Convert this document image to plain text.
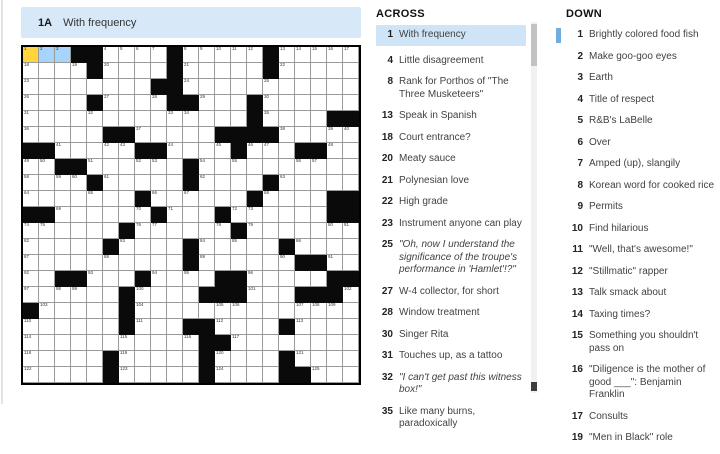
1A With frequency
1 2 3	4 5 6 7	8 9 10 11 12	13 14 15 16 17
18	19	20	21	22
23	24	25
26	27	28	29	30
31	32	33 34	35
36	37	38	39 40
41	42 43	44	45	46 47	48
49 50	51	52 53	54	55	56 57
58	59 60	61	62	63
64	65	66	67	68
69	70	71	72 73
74 75	76 77	78	79	80 81
82	83	84	85	86
87	88	89	90	91
92	93	94	95	96
97	98 99	100	101	102
103	104	105 106	107 108 109
110	111	112	113
114	115	116	117
118	119	120	121
122	123	124	125
ACROSS
1 With frequency
4 Little disagreement
8 Rank for Porthos of "The Three Musketeers"
13 Speak in Spanish
18 Court entrance?
20 Meaty sauce
21 Polynesian love
22 High grade
23 Instrument anyone can play
25 "Oh, now I understand the significance of the troupe's performance in 'Hamlet'!?"
27 W-4 collector, for short
28 Window treatment
30 Singer Rita
31 Touches up, as a tattoo
32 "I can't get past this witness box!"
35 Like many burns, paradoxically
DOWN
1 Brightly colored food fish
2 Make goo-goo eyes
3 Earth
4 Title of respect
5 R&B's LaBelle
6 Over
7 Amped (up), slangily
8 Korean word for cooked rice
9 Permits
10 Find hilarious
11 "Well, that's awesome!"
12 "Stillmatic" rapper
13 Talk smack about
14 Taxing times?
15 Something you shouldn't pass on
16 "Diligence is the mother of good ___": Benjamin Franklin
17 Consults
19 "Men in Black" role
